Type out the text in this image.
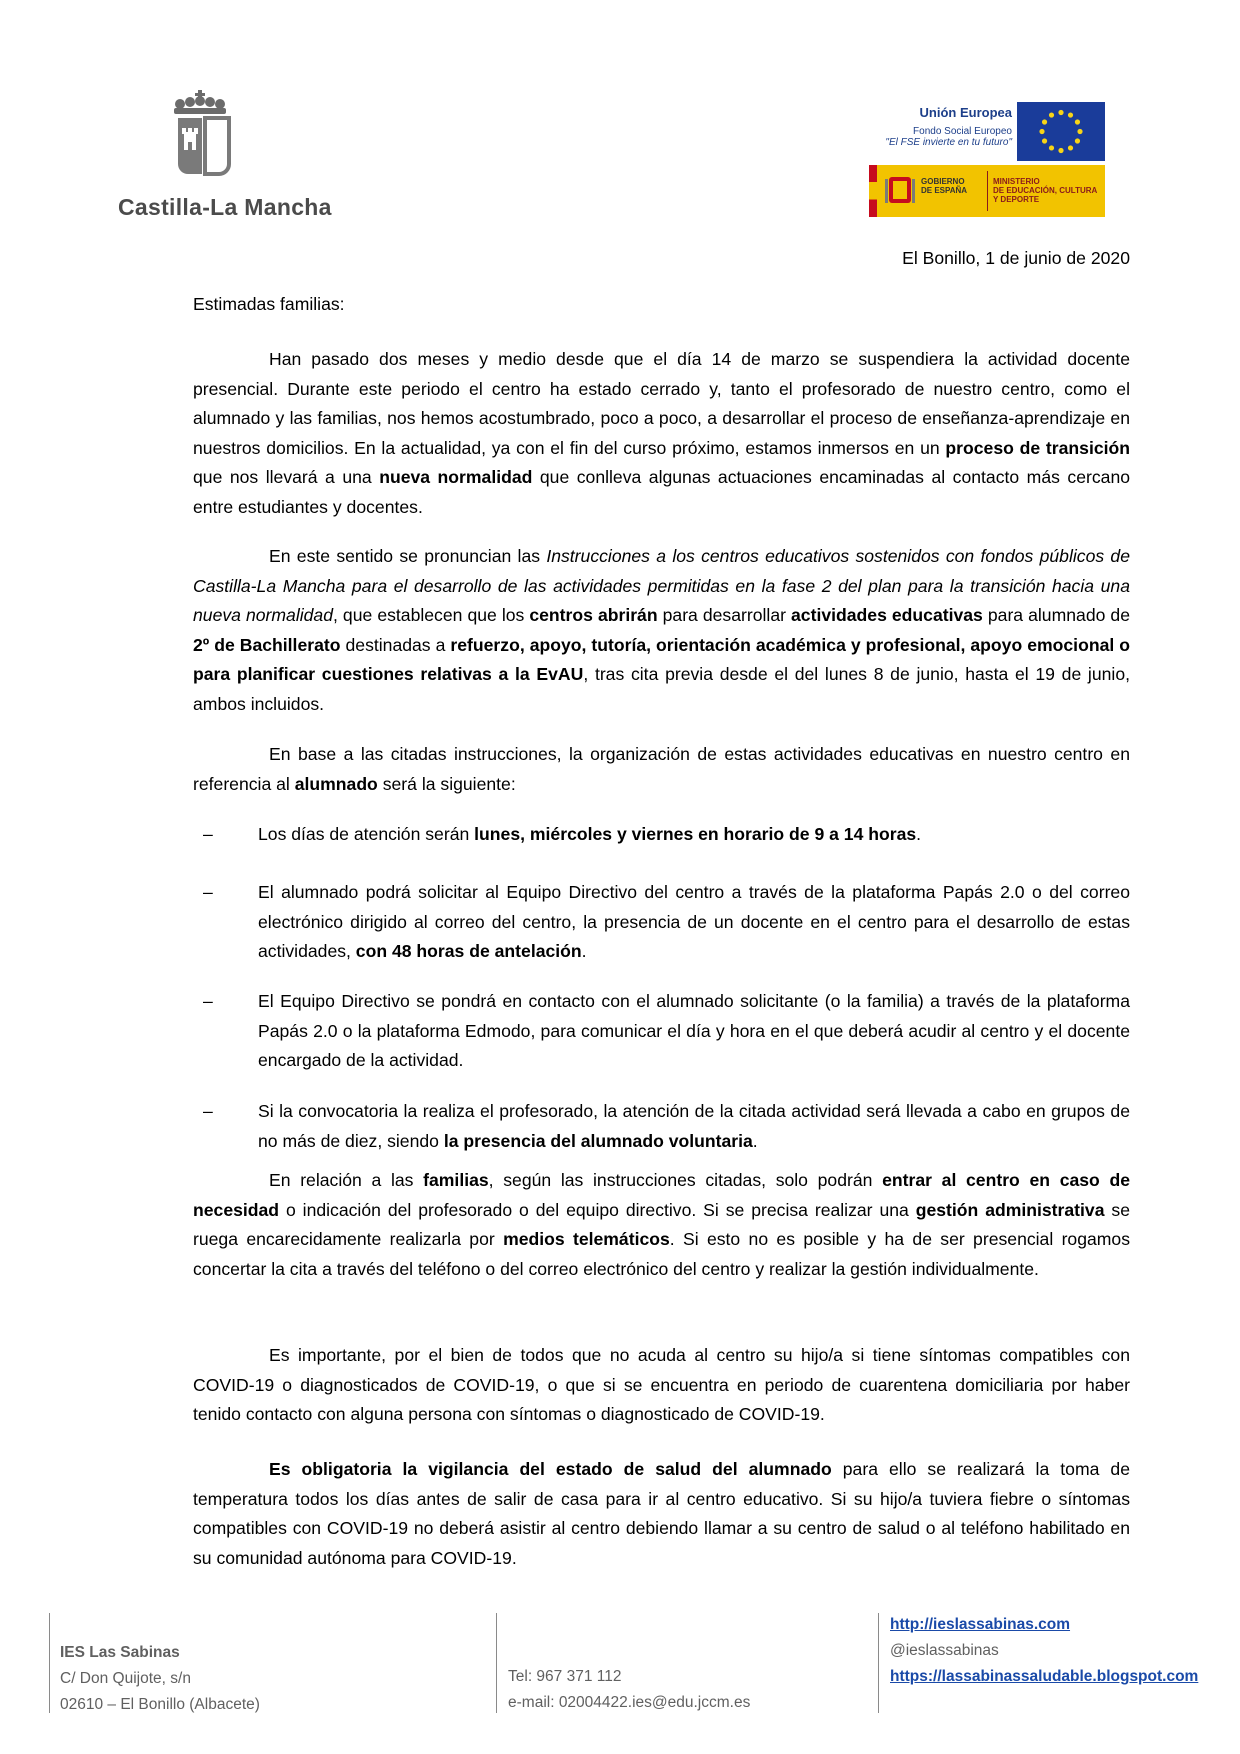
Castilla-La Mancha
Unión Europea
Fondo Social Europeo
"El FSE invierte en tu futuro"
GOBIERNO
DE ESPAÑA
MINISTERIO
DE EDUCACIÓN, CULTURA
Y DEPORTE
El Bonillo, 1 de junio de 2020
Estimadas familias:
Han pasado dos meses y medio desde que el día 14 de marzo se suspendiera la actividad docente presencial. Durante este periodo el centro ha estado cerrado y, tanto el profesorado de nuestro centro, como el alumnado y las familias, nos hemos acostumbrado, poco a poco, a desarrollar el proceso de enseñanza-aprendizaje en nuestros domicilios. En la actualidad, ya con el fin del curso próximo, estamos inmersos en un proceso de transición que nos llevará a una nueva normalidad que conlleva algunas actuaciones encaminadas al contacto más cercano entre estudiantes y docentes.
En este sentido se pronuncian las Instrucciones a los centros educativos sostenidos con fondos públicos de Castilla-La Mancha para el desarrollo de las actividades permitidas en la fase 2 del plan para la transición hacia una nueva normalidad, que establecen que los centros abrirán para desarrollar actividades educativas para alumnado de 2º de Bachillerato destinadas a refuerzo, apoyo, tutoría, orientación académica y profesional, apoyo emocional o para planificar cuestiones relativas a la EvAU, tras cita previa desde el del lunes 8 de junio, hasta el 19 de junio, ambos incluidos.
En base a las citadas instrucciones, la organización de estas actividades educativas en nuestro centro en referencia al alumnado será la siguiente:
–	Los días de atención serán lunes, miércoles y viernes en horario de 9 a 14 horas.
–	El alumnado podrá solicitar al Equipo Directivo del centro a través de la plataforma Papás 2.0 o del correo electrónico dirigido al correo del centro, la presencia de un docente en el centro para el desarrollo de estas actividades, con 48 horas de antelación.
–	El Equipo Directivo se pondrá en contacto con el alumnado solicitante (o la familia) a través de la plataforma Papás 2.0 o la plataforma Edmodo, para comunicar el día y hora en el que deberá acudir al centro y el docente encargado de la actividad.
–	Si la convocatoria la realiza el profesorado, la atención de la citada actividad será llevada a cabo en grupos de no más de diez, siendo la presencia del alumnado voluntaria.
En relación a las familias, según las instrucciones citadas, solo podrán entrar al centro en caso de necesidad o indicación del profesorado o del equipo directivo. Si se precisa realizar una gestión administrativa se ruega encarecidamente realizarla por medios telemáticos. Si esto no es posible y ha de ser presencial rogamos concertar la cita a través del teléfono o del correo electrónico del centro y realizar la gestión individualmente.
Es importante, por el bien de todos que no acuda al centro su hijo/a si tiene síntomas compatibles con COVID-19 o diagnosticados de COVID-19, o que si se encuentra en periodo de cuarentena domiciliaria por haber tenido contacto con alguna persona con síntomas o diagnosticado de COVID-19.
Es obligatoria la vigilancia del estado de salud del alumnado para ello se realizará la toma de temperatura todos los días antes de salir de casa para ir al centro educativo. Si su hijo/a tuviera fiebre o síntomas compatibles con COVID-19 no deberá asistir al centro debiendo llamar a su centro de salud o al teléfono habilitado en su comunidad autónoma para COVID-19.
IES Las Sabinas
C/ Don Quijote, s/n
02610 – El Bonillo (Albacete)
Tel: 967 371 112
e-mail: 02004422.ies@edu.jccm.es
http://ieslassabinas.com
@ieslassabinas
https://lassabinassaludable.blogspot.com
